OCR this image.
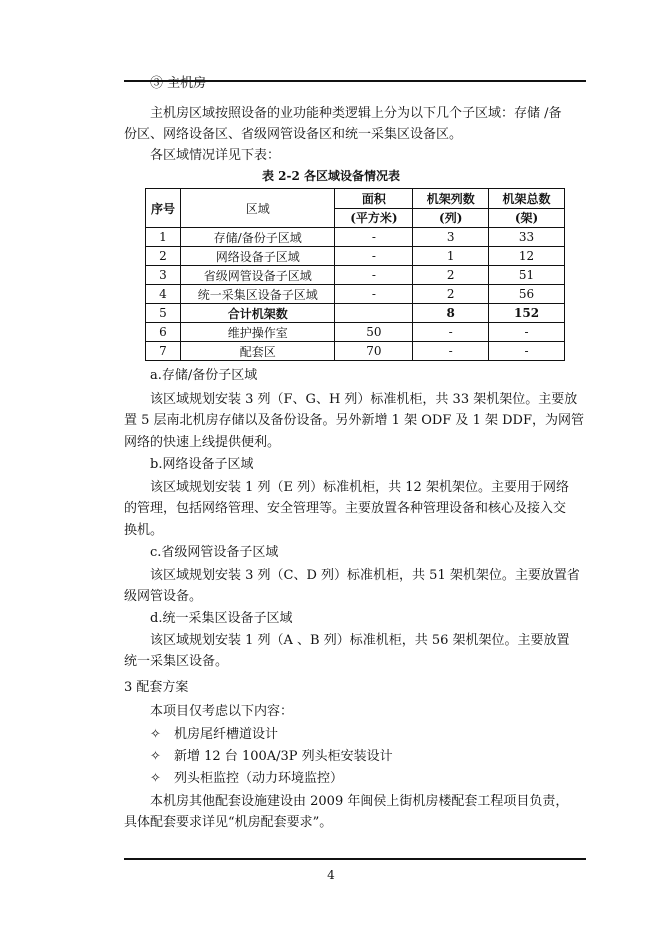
③ 主机房
主机房区域按照设备的业功能种类逻辑上分为以下几个子区域：存储 /备
份区、网络设备区、省级网管设备区和统一采集区设备区。
各区域情况详见下表：
表 2-2 各区域设备情况表
序号	区域	面积	机架列数	机架总数
		(平方米)	(列)	(架)
1	存储/备份子区域	-	3	33
2	网络设备子区域	-	1	12
3	省级网管设备子区域	-	2	51
4	统一采集区设备子区域	-	2	56
5	合计机架数		8	152
6	维护操作室	50	-	-
7	配套区	70	-	-
a.存储/备份子区域
该区域规划安装 3 列（F、G、H 列）标准机柜，共 33 架机架位。主要放
置 5 层南北机房存储以及备份设备。另外新增 1 架 ODF 及 1 架 DDF，为网管
网络的快速上线提供便利。
b.网络设备子区域
该区域规划安装 1 列（E 列）标准机柜，共 12 架机架位。主要用于网络
的管理，包括网络管理、安全管理等。主要放置各种管理设备和核心及接入交
换机。
c.省级网管设备子区域
该区域规划安装 3 列（C、D 列）标准机柜，共 51 架机架位。主要放置省
级网管设备。
d.统一采集区设备子区域
该区域规划安装 1 列（A 、B 列）标准机柜，共 56 架机架位。主要放置
统一采集区设备。
3 配套方案
本项目仅考虑以下内容：
✧ 机房尾纤槽道设计
✧ 新增 12 台 100A/3P 列头柜安装设计
✧ 列头柜监控（动力环境监控）
本机房其他配套设施建设由 2009 年闽侯上街机房楼配套工程项目负责，
具体配套要求详见“机房配套要求”。
4
